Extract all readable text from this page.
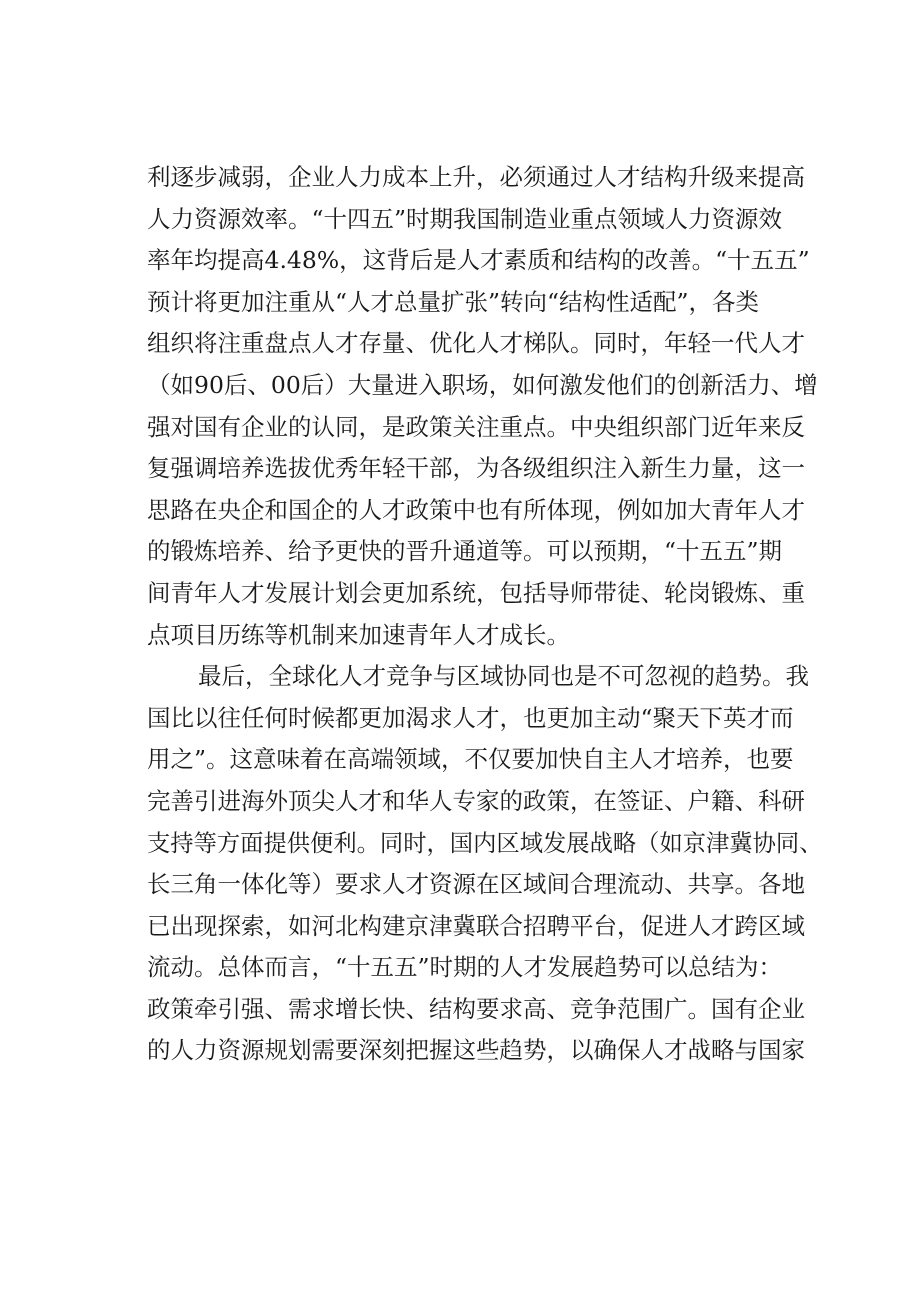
利逐步减弱，企业人力成本上升，必须通过人才结构升级来提高
人力资源效率。“十四五”时期我国制造业重点领域人力资源效
率年均提高4.48%，这背后是人才素质和结构的改善。“十五五”
预计将更加注重从“人才总量扩张”转向“结构性适配”，各类
组织将注重盘点人才存量、优化人才梯队。同时，年轻一代人才
（如90后、00后）大量进入职场，如何激发他们的创新活力、增
强对国有企业的认同，是政策关注重点。中央组织部门近年来反
复强调培养选拔优秀年轻干部，为各级组织注入新生力量，这一
思路在央企和国企的人才政策中也有所体现，例如加大青年人才
的锻炼培养、给予更快的晋升通道等。可以预期，“十五五”期
间青年人才发展计划会更加系统，包括导师带徒、轮岗锻炼、重
点项目历练等机制来加速青年人才成长。
最后，全球化人才竞争与区域协同也是不可忽视的趋势。我
国比以往任何时候都更加渴求人才，也更加主动“聚天下英才而
用之”。这意味着在高端领域，不仅要加快自主人才培养，也要
完善引进海外顶尖人才和华人专家的政策，在签证、户籍、科研
支持等方面提供便利。同时，国内区域发展战略（如京津冀协同、
长三角一体化等）要求人才资源在区域间合理流动、共享。各地
已出现探索，如河北构建京津冀联合招聘平台，促进人才跨区域
流动。总体而言，“十五五”时期的人才发展趋势可以总结为：
政策牵引强、需求增长快、结构要求高、竞争范围广。国有企业
的人力资源规划需要深刻把握这些趋势，以确保人才战略与国家
